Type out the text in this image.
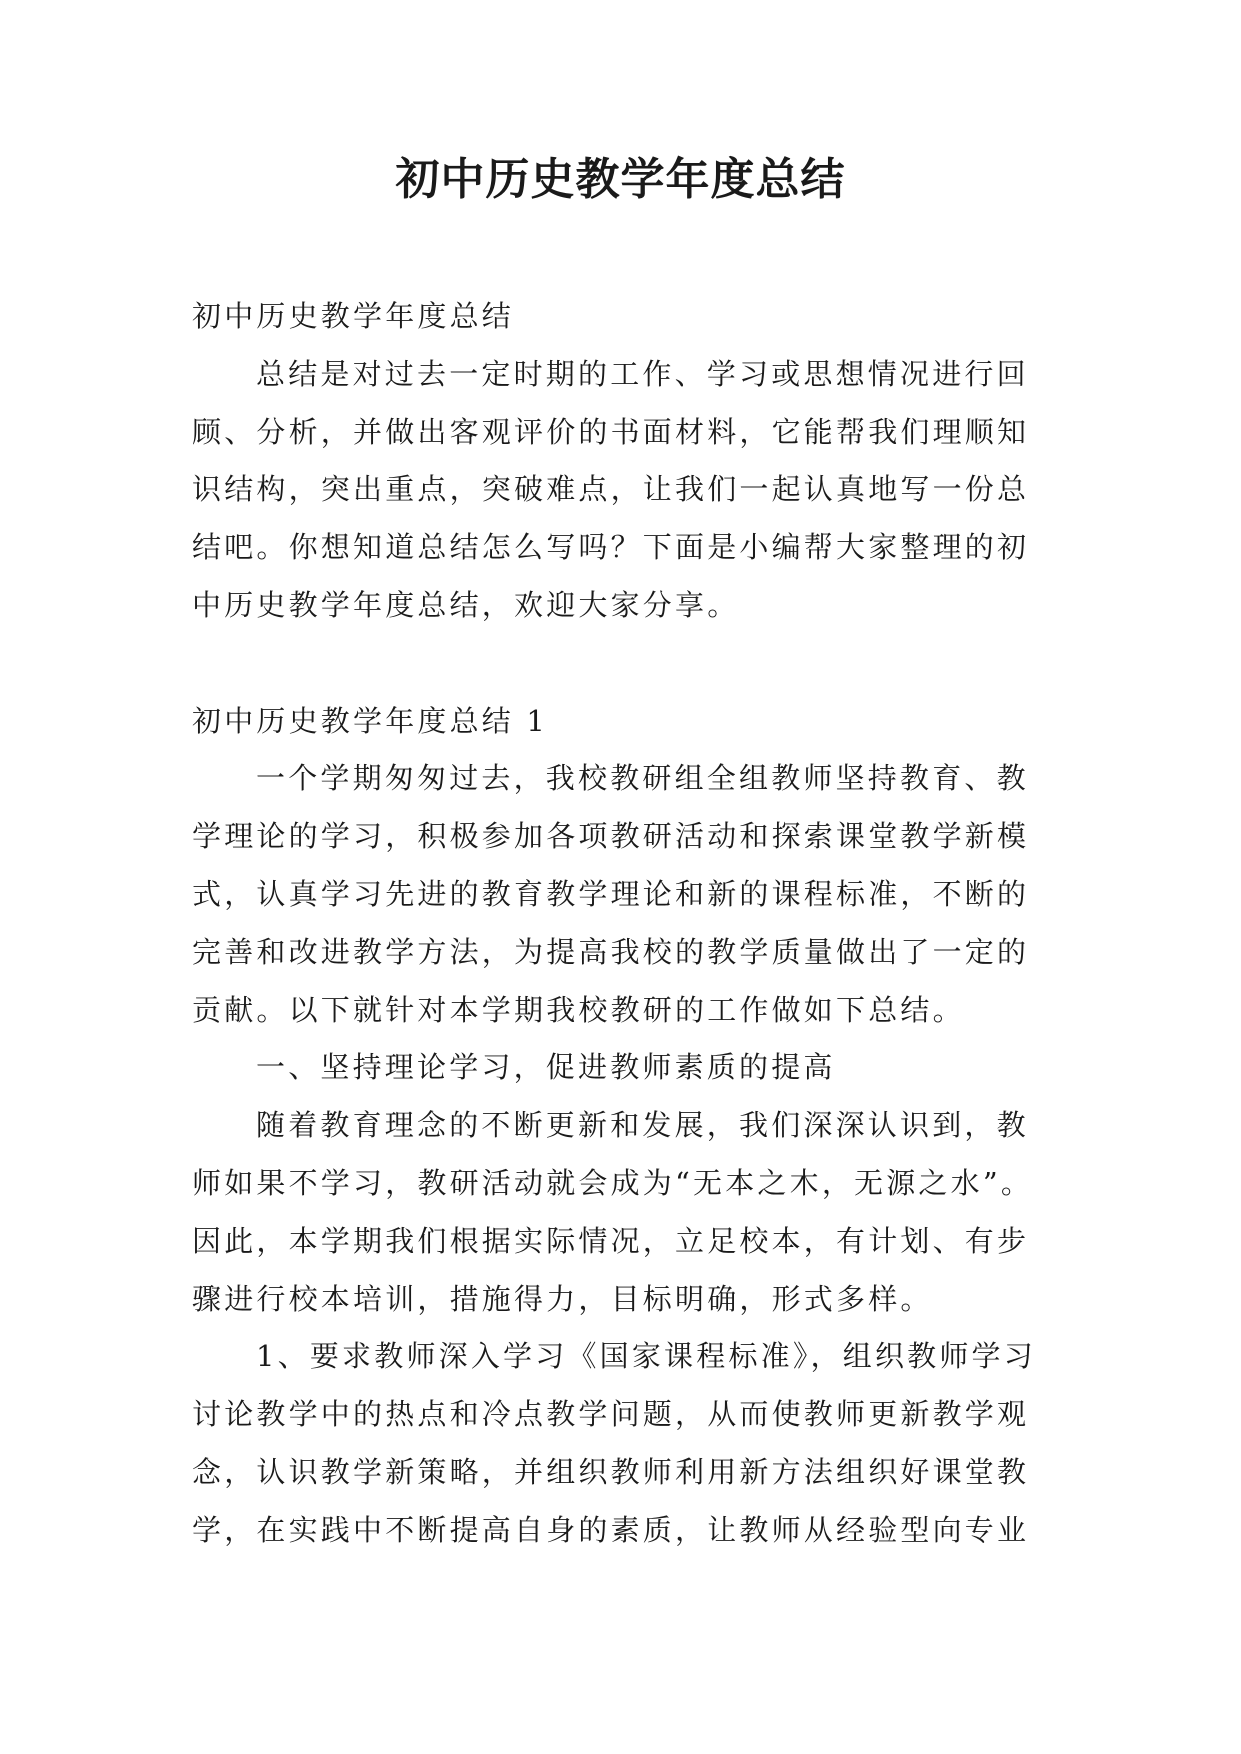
初中历史教学年度总结
初中历史教学年度总结
总结是对过去一定时期的工作、学习或思想情况进行回
顾、分析，并做出客观评价的书面材料，它能帮我们理顺知
识结构，突出重点，突破难点，让我们一起认真地写一份总
结吧。你想知道总结怎么写吗？下面是小编帮大家整理的初
中历史教学年度总结，欢迎大家分享。
初中历史教学年度总结 1
一个学期匆匆过去，我校教研组全组教师坚持教育、教
学理论的学习，积极参加各项教研活动和探索课堂教学新模
式，认真学习先进的教育教学理论和新的课程标准，不断的
完善和改进教学方法，为提高我校的教学质量做出了一定的
贡献。以下就针对本学期我校教研的工作做如下总结。
一、坚持理论学习，促进教师素质的提高
随着教育理念的不断更新和发展，我们深深认识到，教
师如果不学习，教研活动就会成为“无本之木，无源之水”。
因此，本学期我们根据实际情况，立足校本，有计划、有步
骤进行校本培训，措施得力，目标明确，形式多样。
1、要求教师深入学习《国家课程标准》，组织教师学习
讨论教学中的热点和冷点教学问题，从而使教师更新教学观
念，认识教学新策略，并组织教师利用新方法组织好课堂教
学，在实践中不断提高自身的素质，让教师从经验型向专业
